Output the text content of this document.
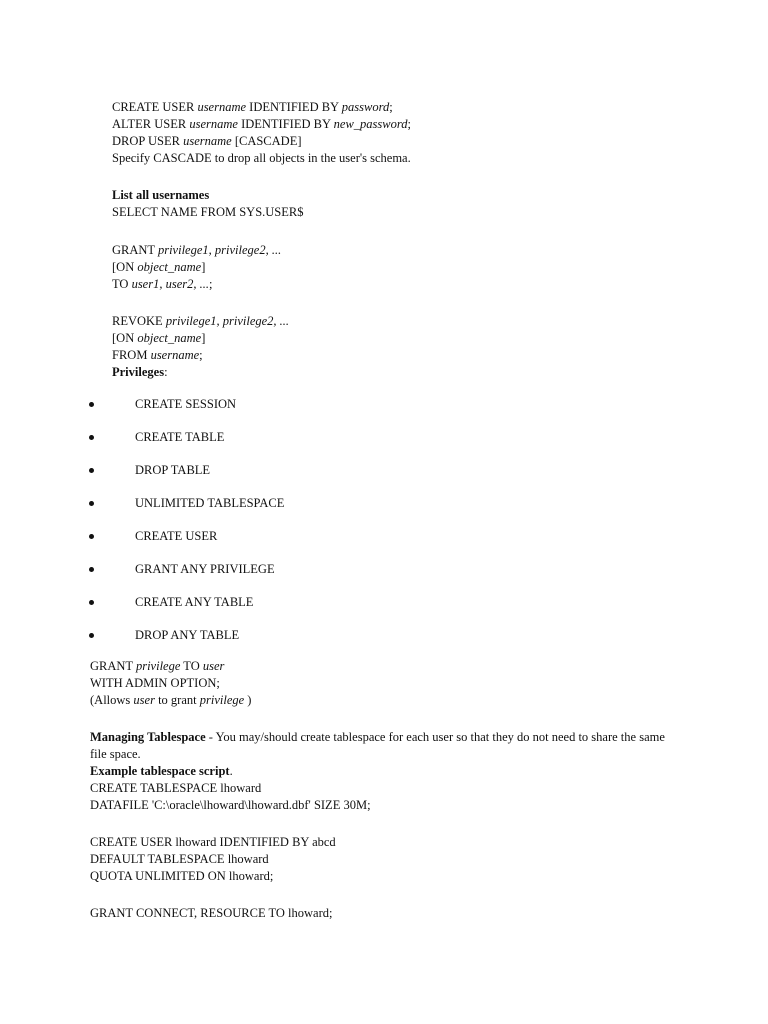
CREATE USER username IDENTIFIED BY password;
ALTER USER username IDENTIFIED BY new_password;
DROP USER username [CASCADE]
Specify CASCADE to drop all objects in the user's schema.
List all usernames
SELECT NAME FROM SYS.USER$
GRANT privilege1, privilege2, ...
[ON object_name]
TO user1, user2, ...;
REVOKE privilege1, privilege2, ...
[ON object_name]
FROM username;
Privileges:
CREATE SESSION
CREATE TABLE
DROP TABLE
UNLIMITED TABLESPACE
CREATE USER
GRANT ANY PRIVILEGE
CREATE ANY TABLE
DROP ANY TABLE
GRANT privilege TO user
WITH ADMIN OPTION;
(Allows user to grant privilege )
Managing Tablespace - You may/should create tablespace for each user so that they do not need to share the same
file space.
Example tablespace script.
CREATE TABLESPACE lhoward
DATAFILE 'C:\oracle\lhoward\lhoward.dbf' SIZE 30M;
CREATE USER lhoward IDENTIFIED BY abcd
DEFAULT TABLESPACE lhoward
QUOTA UNLIMITED ON lhoward;
GRANT CONNECT, RESOURCE TO lhoward;
